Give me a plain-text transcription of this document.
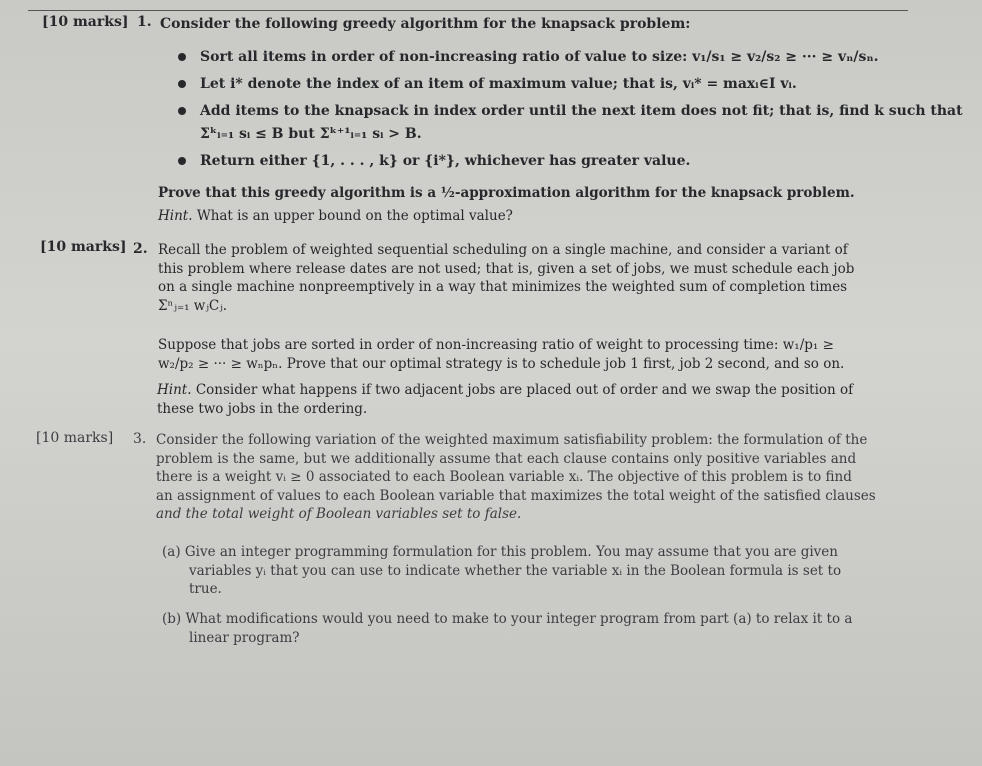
[10 marks] 1. Consider the following greedy algorithm for the knapsack problem:
Sort all items in order of non-increasing ratio of value to size: v₁/s₁ ≥ v₂/s₂ ≥ ··· ≥ vₙ/sₙ.
Let i* denote the index of an item of maximum value; that is, vᵢ* = maxᵢ∈I vᵢ.
Add items to the knapsack in index order until the next item does not fit; that is, find k such that
Σᵏᵢ₌₁ sᵢ ≤ B but Σᵏ⁺¹ᵢ₌₁ sᵢ > B.
Return either {1, . . . , k} or {i*}, whichever has greater value.
Prove that this greedy algorithm is a ½-approximation algorithm for the knapsack problem.
Hint. What is an upper bound on the optimal value?
[10 marks] 2. Recall the problem of weighted sequential scheduling on a single machine, and consider a variant of
this problem where release dates are not used; that is, given a set of jobs, we must schedule each job
on a single machine nonpreemptively in a way that minimizes the weighted sum of completion times
Σⁿⱼ₌₁ wⱼCⱼ.
Suppose that jobs are sorted in order of non-increasing ratio of weight to processing time: w₁/p₁ ≥
w₂/p₂ ≥ ··· ≥ wₙpₙ. Prove that our optimal strategy is to schedule job 1 first, job 2 second, and so on.
Hint. Consider what happens if two adjacent jobs are placed out of order and we swap the position of
these two jobs in the ordering.
[10 marks] 3. Consider the following variation of the weighted maximum satisfiability problem: the formulation of the
problem is the same, but we additionally assume that each clause contains only positive variables and
there is a weight vᵢ ≥ 0 associated to each Boolean variable xᵢ. The objective of this problem is to find
an assignment of values to each Boolean variable that maximizes the total weight of the satisfied clauses
and the total weight of Boolean variables set to false.
(a) Give an integer programming formulation for this problem. You may assume that you are given
variables yᵢ that you can use to indicate whether the variable xᵢ in the Boolean formula is set to
true.
(b) What modifications would you need to make to your integer program from part (a) to relax it to a
linear program?
